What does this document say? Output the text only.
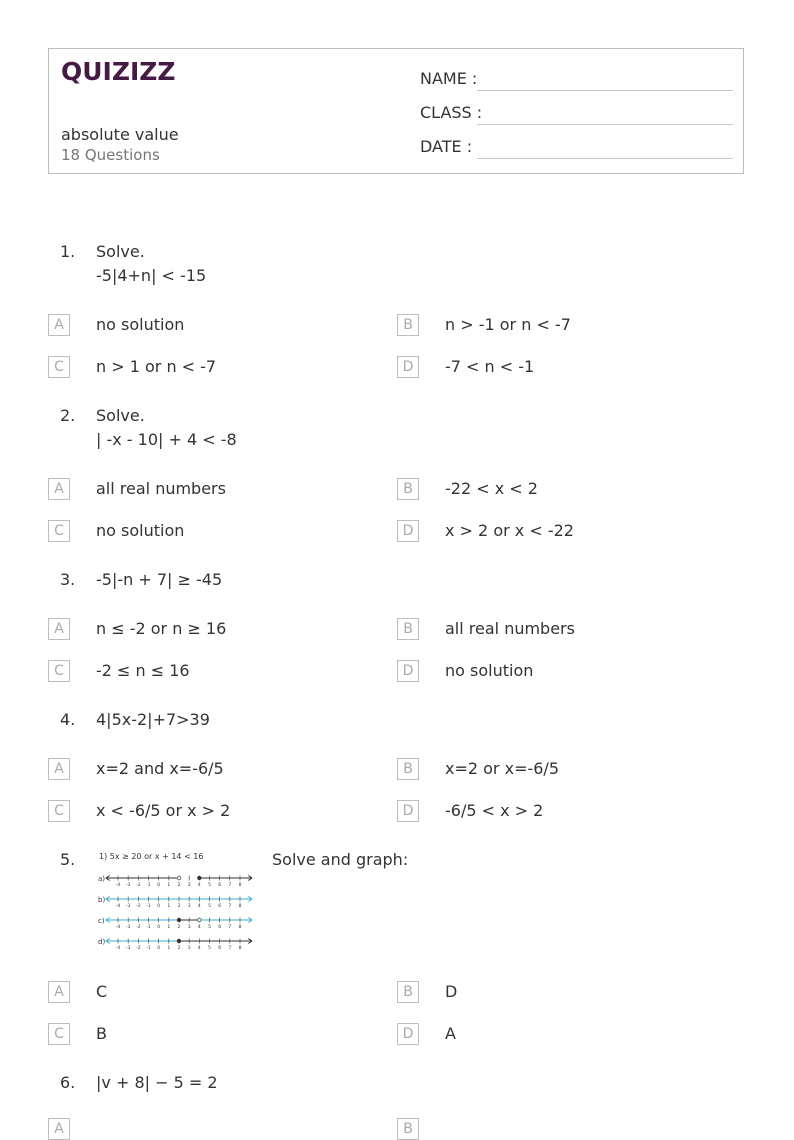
QUIZIZZ
absolute value
18 Questions
NAME :
CLASS :
DATE :
1. Solve.
-5|4+n| < -15
A	no solution	B	n > -1 or n < -7
C	n > 1 or n < -7	D	-7 < n < -1
2. Solve.
| -x - 10| + 4 < -8
A	all real numbers	B	-22 < x < 2
C	no solution	D	x > 2 or x < -22
3. -5|-n + 7| ≥ -45
A	n ≤ -2 or n ≥ 16	B	all real numbers
C	-2 ≤ n ≤ 16	D	no solution
4. 4|5x-2|+7>39
A	x=2 and x=-6/5	B	x=2 or x=-6/5
C	x < -6/5 or x > 2	D	-6/5 < x > 2
5.	1) 5x ≥ 20 or x + 14 < 16
a)
-4 -3 -2 -1 0 1 2 3 4 5 6 7 8
b)
-4 -3 -2 -1 0 1 2 3 4 5 6 7 8
c)
-4 -3 -2 -1 0 1 2 3 4 5 6 7 8
d)
-4 -3 -2 -1 0 1 2 3 4 5 6 7 8
Solve and graph:
A	C	B	D
C	B	D	A
6. |v + 8| − 5 = 2
A	B
